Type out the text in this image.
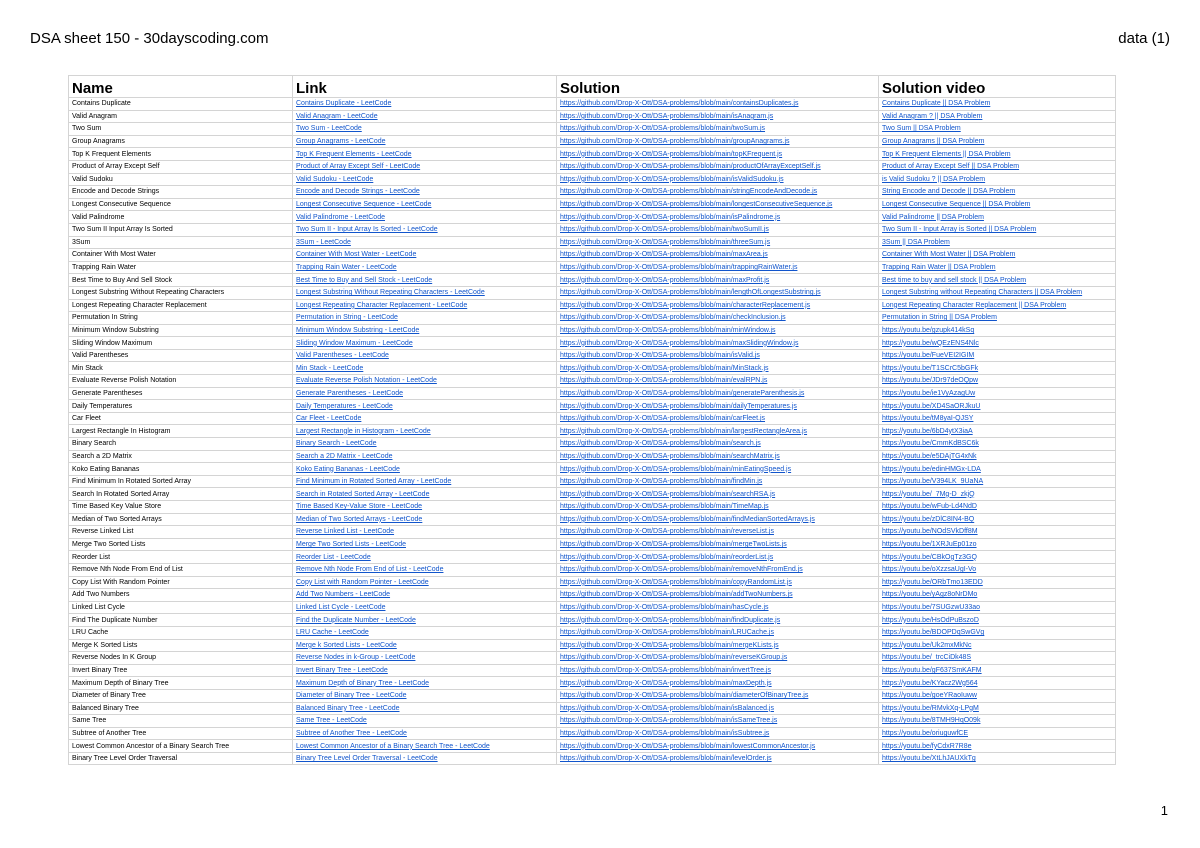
DSA sheet 150 - 30dayscoding.com	data (1)
Name	Link	Solution	Solution video
Contains Duplicate	Contains Duplicate - LeetCode	https://github.com/Drop-X-Ott/DSA-problems/blob/main/containsDuplicates.js	Contains Duplicate || DSA Problem
Valid Anagram	Valid Anagram - LeetCode	https://github.com/Drop-X-Ott/DSA-problems/blob/main/isAnagram.js	Valid Anagram ? || DSA Problem
Two Sum	Two Sum - LeetCode	https://github.com/Drop-X-Ott/DSA-problems/blob/main/twoSum.js	Two Sum || DSA Problem
Group Anagrams	Group Anagrams - LeetCode	https://github.com/Drop-X-Ott/DSA-problems/blob/main/groupAnagrams.js	Group Anagrams || DSA Problem
Top K Frequent Elements	Top K Frequent Elements - LeetCode	https://github.com/Drop-X-Ott/DSA-problems/blob/main/topKFrequent.js	Top K Frequent Elements || DSA Problem
Product of Array Except Self	Product of Array Except Self - LeetCode	https://github.com/Drop-X-Ott/DSA-problems/blob/main/productOfArrayExceptSelf.js	Product of Array Except Self || DSA Problem
Valid Sudoku	Valid Sudoku - LeetCode	https://github.com/Drop-X-Ott/DSA-problems/blob/main/isValidSudoku.js	is Valid Sudoku ? || DSA Problem
Encode and Decode Strings	Encode and Decode Strings - LeetCode	https://github.com/Drop-X-Ott/DSA-problems/blob/main/stringEncodeAndDecode.js	String Encode and Decode || DSA Problem
Longest Consecutive Sequence	Longest Consecutive Sequence - LeetCode	https://github.com/Drop-X-Ott/DSA-problems/blob/main/longestConsecutiveSequence.js	Longest Consecutive Sequence || DSA Problem
Valid Palindrome	Valid Palindrome - LeetCode	https://github.com/Drop-X-Ott/DSA-problems/blob/main/isPalindrome.js	Valid Palindrome || DSA Problem
Two Sum II Input Array Is Sorted	Two Sum II - Input Array Is Sorted - LeetCode	https://github.com/Drop-X-Ott/DSA-problems/blob/main/twoSumII.js	Two Sum II - Input Array is Sorted || DSA Problem
3Sum	3Sum - LeetCode	https://github.com/Drop-X-Ott/DSA-problems/blob/main/threeSum.js	3Sum || DSA Problem
Container With Most Water	Container With Most Water - LeetCode	https://github.com/Drop-X-Ott/DSA-problems/blob/main/maxArea.js	Container With Most Water || DSA Problem
Trapping Rain Water	Trapping Rain Water - LeetCode	https://github.com/Drop-X-Ott/DSA-problems/blob/main/trappingRainWater.js	Trapping Rain Water || DSA Problem
Best Time to Buy And Sell Stock	Best Time to Buy and Sell Stock - LeetCode	https://github.com/Drop-X-Ott/DSA-problems/blob/main/maxProfit.js	Best time to buy and sell stock || DSA Problem
Longest Substring Without Repeating Characters	Longest Substring Without Repeating Characters - LeetCode	https://github.com/Drop-X-Ott/DSA-problems/blob/main/lengthOfLongestSubstring.js	Longest Substring without Repeating Characters || DSA Problem
Longest Repeating Character Replacement	Longest Repeating Character Replacement - LeetCode	https://github.com/Drop-X-Ott/DSA-problems/blob/main/characterReplacement.js	Longest Repeating Character Replacement || DSA Problem
Permutation In String	Permutation in String - LeetCode	https://github.com/Drop-X-Ott/DSA-problems/blob/main/checkInclusion.js	Permutation in String || DSA Problem
Minimum Window Substring	Minimum Window Substring - LeetCode	https://github.com/Drop-X-Ott/DSA-problems/blob/main/minWindow.js	https://youtu.be/gzupk414kSq
Sliding Window Maximum	Sliding Window Maximum - LeetCode	https://github.com/Drop-X-Ott/DSA-problems/blob/main/maxSlidingWindow.js	https://youtu.be/wQEzENS4Nlc
Valid Parentheses	Valid Parentheses - LeetCode	https://github.com/Drop-X-Ott/DSA-problems/blob/main/isValid.js	https://youtu.be/FueVEI2IGIM
Min Stack	Min Stack - LeetCode	https://github.com/Drop-X-Ott/DSA-problems/blob/main/MinStack.js	https://youtu.be/T1SCrC5bGFk
Evaluate Reverse Polish Notation	Evaluate Reverse Polish Notation - LeetCode	https://github.com/Drop-X-Ott/DSA-problems/blob/main/evalRPN.js	https://youtu.be/JDr97deOQpw
Generate Parentheses	Generate Parentheses - LeetCode	https://github.com/Drop-X-Ott/DSA-problems/blob/main/generateParenthesis.js	https://youtu.be/ie1VyAzagUw
Daily Temperatures	Daily Temperatures - LeetCode	https://github.com/Drop-X-Ott/DSA-problems/blob/main/dailyTemperatures.js	https://youtu.be/XD4SaORJkuU
Car Fleet	Car Fleet - LeetCode	https://github.com/Drop-X-Ott/DSA-problems/blob/main/carFleet.js	https://youtu.be/tM8yaI-QJSY
Largest Rectangle In Histogram	Largest Rectangle in Histogram - LeetCode	https://github.com/Drop-X-Ott/DSA-problems/blob/main/largestRectangleArea.js	https://youtu.be/6bD4ytX3iaA
Binary Search	Binary Search - LeetCode	https://github.com/Drop-X-Ott/DSA-problems/blob/main/search.js	https://youtu.be/CmmKdBSC6k
Search a 2D Matrix	Search a 2D Matrix - LeetCode	https://github.com/Drop-X-Ott/DSA-problems/blob/main/searchMatrix.js	https://youtu.be/e5DAjTG4xNk
Koko Eating Bananas	Koko Eating Bananas - LeetCode	https://github.com/Drop-X-Ott/DSA-problems/blob/main/minEatingSpeed.js	https://youtu.be/edinHMGx-LDA
Find Minimum In Rotated Sorted Array	Find Minimum in Rotated Sorted Array - LeetCode	https://github.com/Drop-X-Ott/DSA-problems/blob/main/findMin.js	https://youtu.be/V394LK_9UaNA
Search In Rotated Sorted Array	Search in Rotated Sorted Array - LeetCode	https://github.com/Drop-X-Ott/DSA-problems/blob/main/searchRSA.js	https://youtu.be/_7Mg-D_zkjQ
Time Based Key Value Store	Time Based Key-Value Store - LeetCode	https://github.com/Drop-X-Ott/DSA-problems/blob/main/TimeMap.js	https://youtu.be/wFub-Ld4NdD
Median of Two Sorted Arrays	Median of Two Sorted Arrays - LeetCode	https://github.com/Drop-X-Ott/DSA-problems/blob/main/findMedianSortedArrays.js	https://youtu.be/zDlC8IN4-BQ
Reverse Linked List	Reverse Linked List - LeetCode	https://github.com/Drop-X-Ott/DSA-problems/blob/main/reverseList.js	https://youtu.be/NOdSVkDff8M
Merge Two Sorted Lists	Merge Two Sorted Lists - LeetCode	https://github.com/Drop-X-Ott/DSA-problems/blob/main/mergeTwoLists.js	https://youtu.be/1XRJuEp01zo
Reorder List	Reorder List - LeetCode	https://github.com/Drop-X-Ott/DSA-problems/blob/main/reorderList.js	https://youtu.be/CBkOgTz3GQ
Remove Nth Node From End of List	Remove Nth Node From End of List - LeetCode	https://github.com/Drop-X-Ott/DSA-problems/blob/main/removeNthFromEnd.js	https://youtu.be/oXzzsaUgI-Vo
Copy List With Random Pointer	Copy List with Random Pointer - LeetCode	https://github.com/Drop-X-Ott/DSA-problems/blob/main/copyRandomList.js	https://youtu.be/ORbTmo13EDD
Add Two Numbers	Add Two Numbers - LeetCode	https://github.com/Drop-X-Ott/DSA-problems/blob/main/addTwoNumbers.js	https://youtu.be/yAgz8oNrDMo
Linked List Cycle	Linked List Cycle - LeetCode	https://github.com/Drop-X-Ott/DSA-problems/blob/main/hasCycle.js	https://youtu.be/7SUGzwU33ao
Find The Duplicate Number	Find the Duplicate Number - LeetCode	https://github.com/Drop-X-Ott/DSA-problems/blob/main/findDuplicate.js	https://youtu.be/HsOdPuBszoD
LRU Cache	LRU Cache - LeetCode	https://github.com/Drop-X-Ott/DSA-problems/blob/main/LRUCache.js	https://youtu.be/BDOPDqSwGVg
Merge K Sorted Lists	Merge k Sorted Lists - LeetCode	https://github.com/Drop-X-Ott/DSA-problems/blob/main/mergeKLists.js	https://youtu.be/Uk2mxMkNc
Reverse Nodes In K Group	Reverse Nodes in k-Group - LeetCode	https://github.com/Drop-X-Ott/DSA-problems/blob/main/reverseKGroup.js	https://youtu.be/_trcCiDk48S
Invert Binary Tree	Invert Binary Tree - LeetCode	https://github.com/Drop-X-Ott/DSA-problems/blob/main/invertTree.js	https://youtu.be/gF637SmKAFM
Maximum Depth of Binary Tree	Maximum Depth of Binary Tree - LeetCode	https://github.com/Drop-X-Ott/DSA-problems/blob/main/maxDepth.js	https://youtu.be/KYacz2Wg564
Diameter of Binary Tree	Diameter of Binary Tree - LeetCode	https://github.com/Drop-X-Ott/DSA-problems/blob/main/diameterOfBinaryTree.js	https://youtu.be/goeYRaoIuww
Balanced Binary Tree	Balanced Binary Tree - LeetCode	https://github.com/Drop-X-Ott/DSA-problems/blob/main/isBalanced.js	https://youtu.be/RMvkXq-LPgM
Same Tree	Same Tree - LeetCode	https://github.com/Drop-X-Ott/DSA-problems/blob/main/isSameTree.js	https://youtu.be/8TMH9HqO09k
Subtree of Another Tree	Subtree of Another Tree - LeetCode	https://github.com/Drop-X-Ott/DSA-problems/blob/main/isSubtree.js	https://youtu.be/oriuguwfCE
Lowest Common Ancestor of a Binary Search Tree	Lowest Common Ancestor of a Binary Search Tree - LeetCode	https://github.com/Drop-X-Ott/DSA-problems/blob/main/lowestCommonAncestor.js	https://youtu.be/fyCdxR7R8e
Binary Tree Level Order Traversal	Binary Tree Level Order Traversal - LeetCode	https://github.com/Drop-X-Ott/DSA-problems/blob/main/levelOrder.js	https://youtu.be/XtLhJAUXkTg
1
